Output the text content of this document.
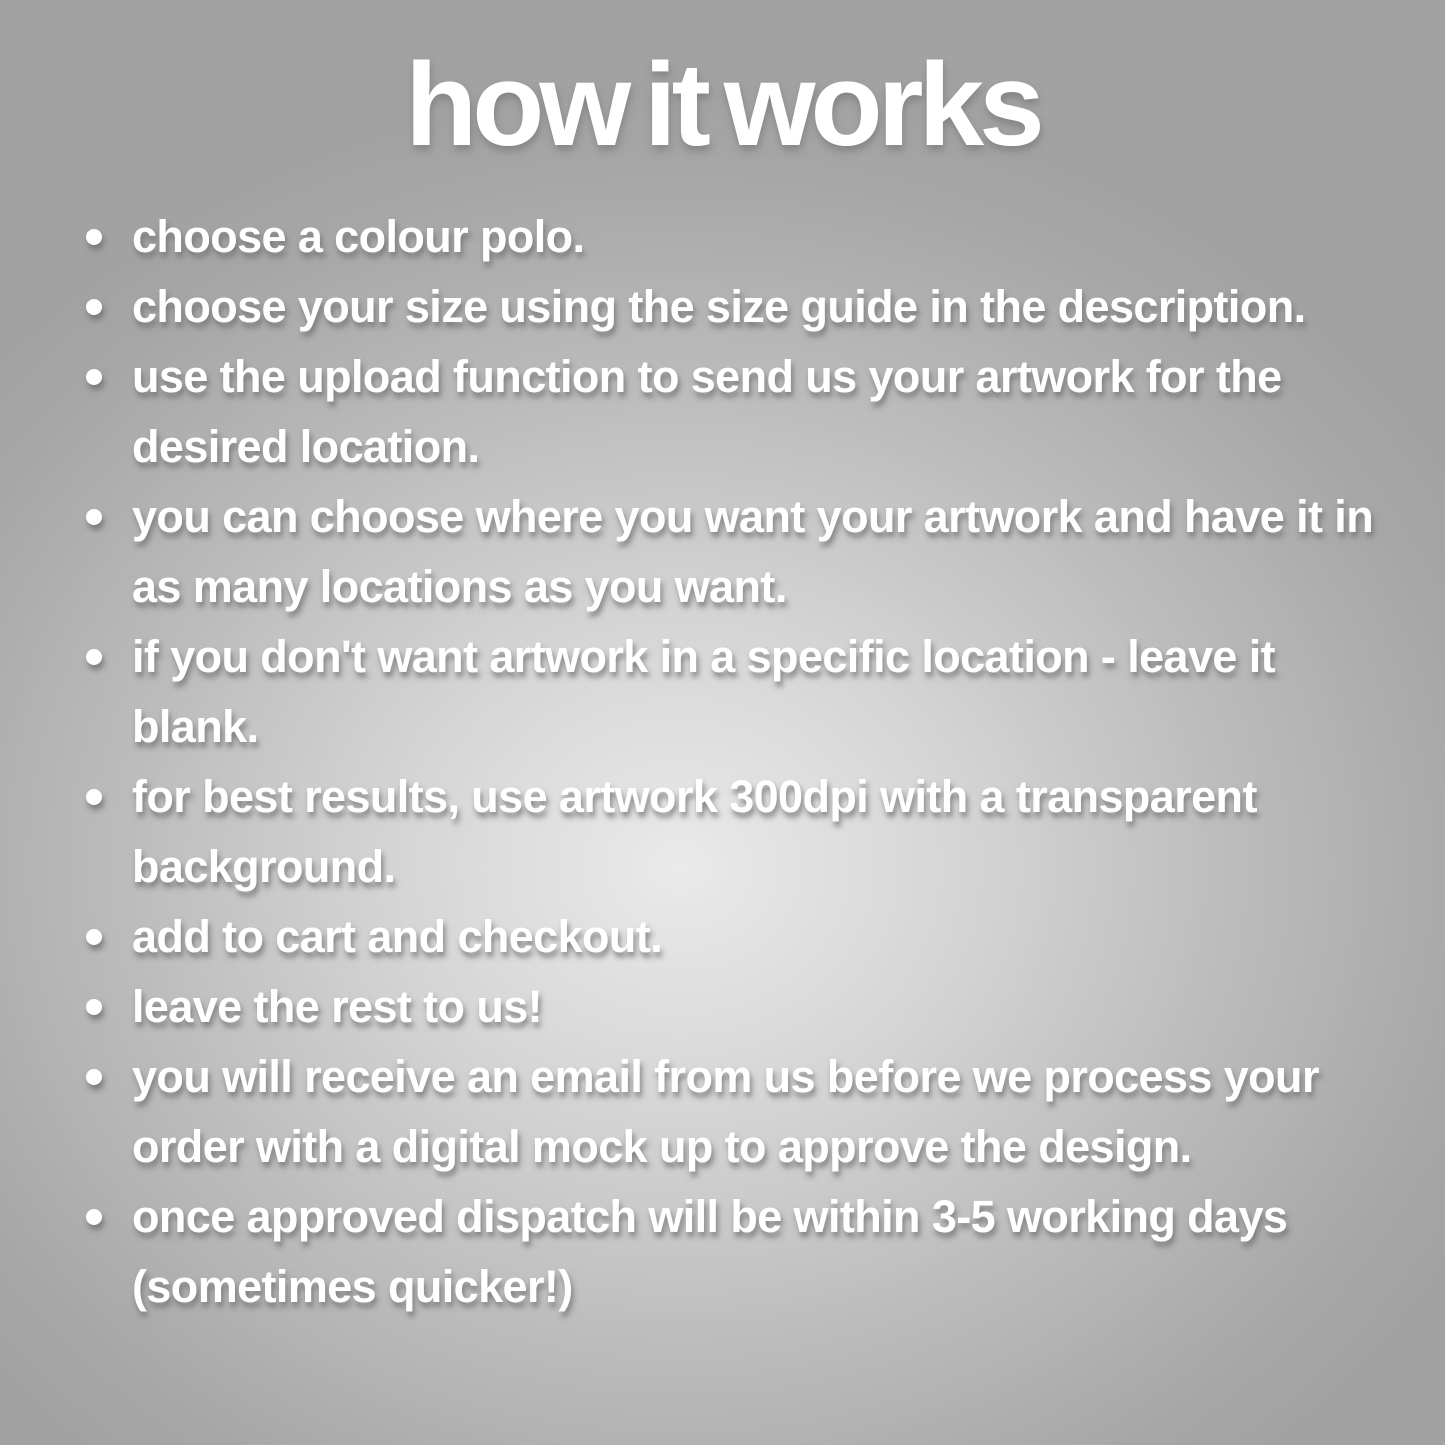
how it works
choose a colour polo.
choose your size using the size guide in the description.
use the upload function to send us your artwork for the desired location.
you can choose where you want your artwork and have it in as many locations as you want.
if you don't want artwork in a specific location - leave it blank.
for best results, use artwork 300dpi with a transparent background.
add to cart and checkout.
leave the rest to us!
you will receive an email from us before we process your order with a digital mock up to approve the design.
once approved dispatch will be within 3-5 working days (sometimes quicker!)
